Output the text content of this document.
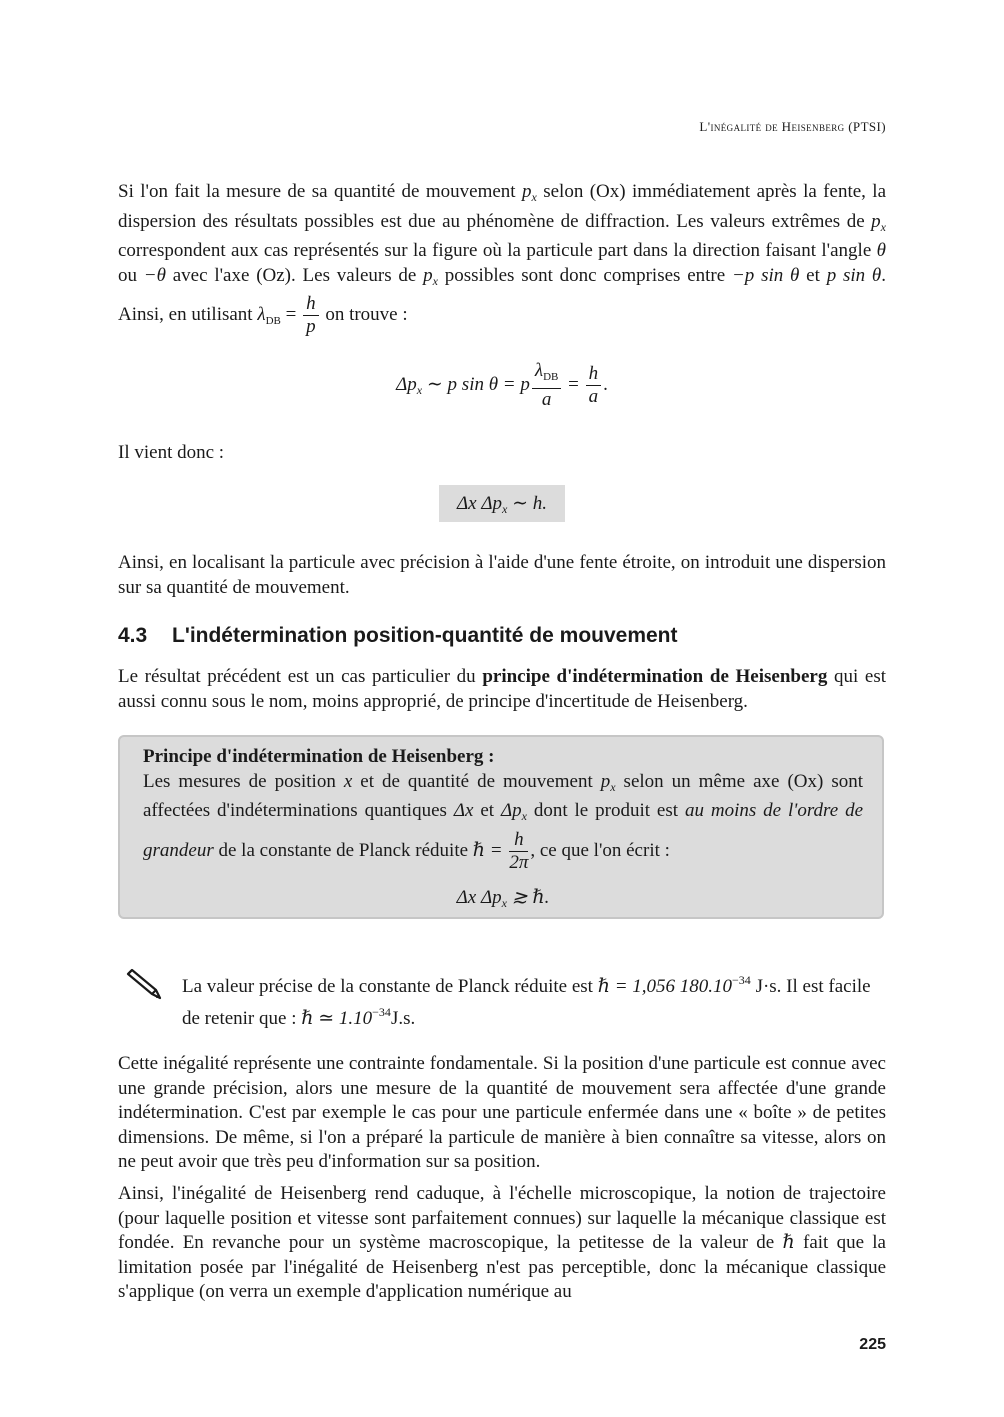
L'inégalité de Heisenberg (PTSI)
Si l'on fait la mesure de sa quantité de mouvement $p_x$ selon (Ox) immédiatement après la fente, la dispersion des résultats possibles est due au phénomène de diffraction. Les valeurs extrêmes de $p_x$ correspondent aux cas représentés sur la figure où la particule part dans la direction faisant l'angle θ ou −θ avec l'axe (Oz). Les valeurs de $p_x$ possibles sont donc comprises entre −p sin θ et p sin θ. Ainsi, en utilisant $\lambda_{DB} = \frac{h}{p}$ on trouve :
$\Delta p_x$ ∼ p sin θ = p $\frac{\lambda_{DB}}{a} = \frac{h}{a}$ .
Il vient donc :
Δx $\Delta p_x$ ∼ h.
Ainsi, en localisant la particule avec précision à l'aide d'une fente étroite, on introduit une dispersion sur sa quantité de mouvement.
4.3 L'indétermination position-quantité de mouvement
Le résultat précédent est un cas particulier du principe d'indétermination de Heisenberg qui est aussi connu sous le nom, moins approprié, de principe d'incertitude de Heisenberg.
Principe d'indétermination de Heisenberg :
Les mesures de position x et de quantité de mouvement $p_x$ selon un même axe (Ox) sont affectées d'indéterminations quantiques Δx et $\Delta p_x$ dont le produit est au moins de l'ordre de grandeur de la constante de Planck réduite ℏ = $\frac{h}{2\pi}$ , ce que l'on écrit :
Δx $\Delta p_x$ ≳ ℏ.
La valeur précise de la constante de Planck réduite est ℏ = 1,056 $180.10^{-34}$ J·s. Il est facile de retenir que : ℏ ≃ $1.10^{-34}J.s$.
Cette inégalité représente une contrainte fondamentale. Si la position d'une particule est connue avec une grande précision, alors une mesure de la quantité de mouvement sera affectée d'une grande indétermination. C'est par exemple le cas pour une particule enfermée dans une « boîte » de petites dimensions. De même, si l'on a préparé la particule de manière à bien connaître sa vitesse, alors on ne peut avoir que très peu d'information sur sa position.
Ainsi, l'inégalité de Heisenberg rend caduque, à l'échelle microscopique, la notion de trajectoire (pour laquelle position et vitesse sont parfaitement connues) sur laquelle la mécanique classique est fondée. En revanche pour un système macroscopique, la petitesse de la valeur de ℏ fait que la limitation posée par l'inégalité de Heisenberg n'est pas perceptible, donc la mécanique classique s'applique (on verra un exemple d'application numérique au
225
